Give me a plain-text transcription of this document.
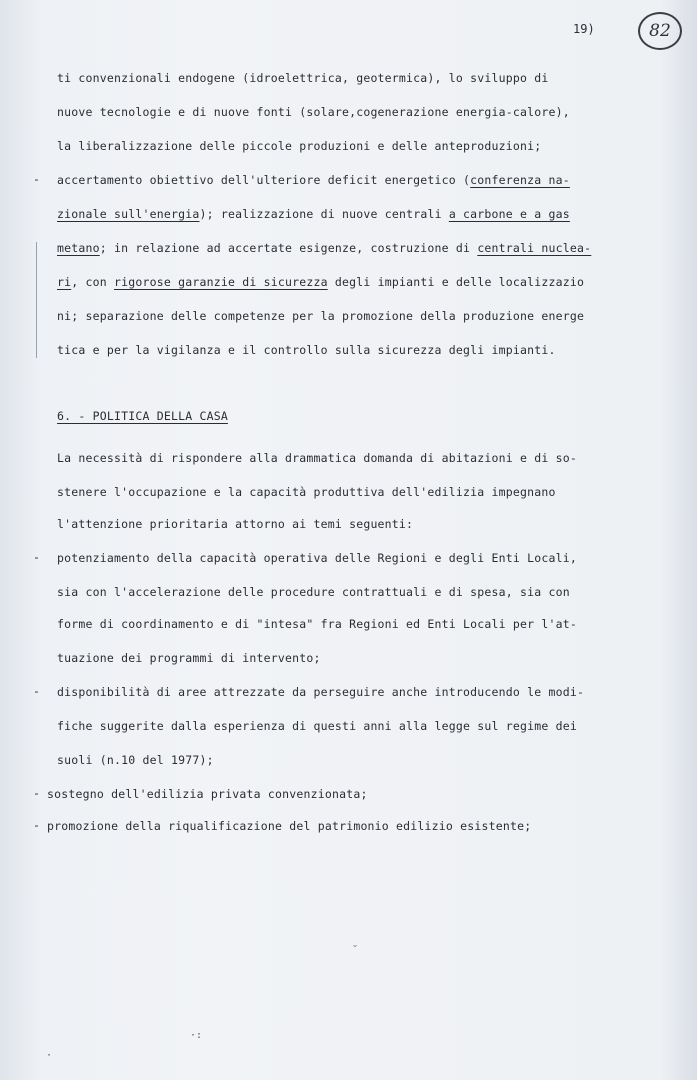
19)	82
ti convenzionali endogene (idroelettrica, geotermica), lo sviluppo di
nuove tecnologie e di nuove fonti (solare,cogenerazione energia-calore),
la liberalizzazione delle piccole produzioni e delle anteproduzioni;
- accertamento obiettivo dell'ulteriore deficit energetico (conferenza na-
zionale sull'energia); realizzazione di nuove centrali a carbone e a gas
metano; in relazione ad accertate esigenze, costruzione di centrali nuclea-
ri, con rigorose garanzie di sicurezza degli impianti e delle localizzazio
ni; separazione delle competenze per la promozione della produzione energe
tica e per la vigilanza e il controllo sulla sicurezza degli impianti.
6. - POLITICA DELLA CASA
La necessità di rispondere alla drammatica domanda di abitazioni e di so-
stenere l'occupazione e la capacità produttiva dell'edilizia impegnano
l'attenzione prioritaria attorno ai temi seguenti:
- potenziamento della capacità operativa delle Regioni e degli Enti Locali,
sia con l'accelerazione delle procedure contrattuali e di spesa, sia con
forme di coordinamento e di "intesa" fra Regioni ed Enti Locali per l'at-
tuazione dei programmi di intervento;
- disponibilità di aree attrezzate da perseguire anche introducendo le modi-
fiche suggerite dalla esperienza di questi anni alla legge sul regime dei
suoli (n.10 del 1977);
- sostegno dell'edilizia privata convenzionata;
- promozione della riqualificazione del patrimonio edilizio esistente;
˘
·:
·
